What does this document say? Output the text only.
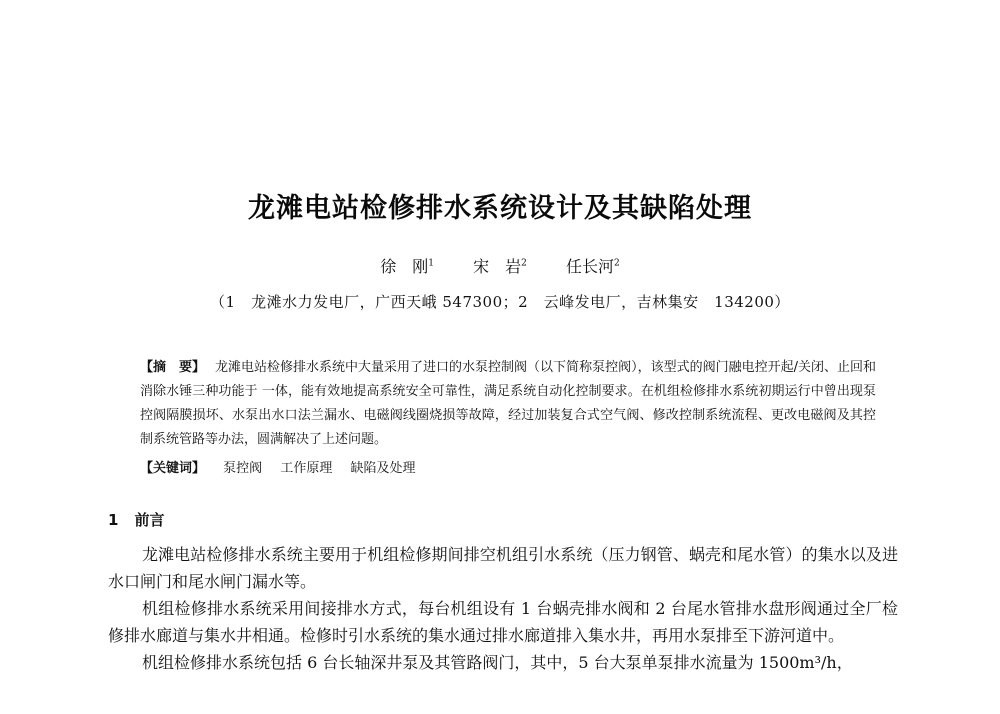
龙滩电站检修排水系统设计及其缺陷处理
徐　刚$^1$ 宋　岩$^2$ 任长河$^2$
（1　龙滩水力发电厂，广西天峨 547300；2　云峰发电厂，吉林集安　134200）
【摘　要】 龙滩电站检修排水系统中大量采用了进口的水泵控制阀（以下简称泵控阀），该型式的阀门融电控开起/关闭、止回和消除水锤三种功能于 一体，能有效地提高系统安全可靠性，满足系统自动化控制要求。在机组检修排水系统初期运行中曾出现泵控阀隔膜损坏、水泵出水口法兰漏水、电磁阀线圈烧损等故障，经过加装复合式空气阀、修改控制系统流程、更改电磁阀及其控制系统管路等办法，圆满解决了上述问题。
【关键词】 泵控阀 工作原理 缺陷及处理
1 前言

龙滩电站检修排水系统主要用于机组检修期间排空机组引水系统（压力钢管、蜗壳和尾水管）的集水以及进水口闸门和尾水闸门漏水等。

机组检修排水系统采用间接排水方式，每台机组设有 1 台蜗壳排水阀和 2 台尾水管排水盘形阀通过全厂检修排水廊道与集水井相通。检修时引水系统的集水通过排水廊道排入集水井，再用水泵排至下游河道中。

机组检修排水系统包括 6 台长轴深井泵及其管路阀门，其中，5 台大泵单泵排水流量为 1500m³/h，
